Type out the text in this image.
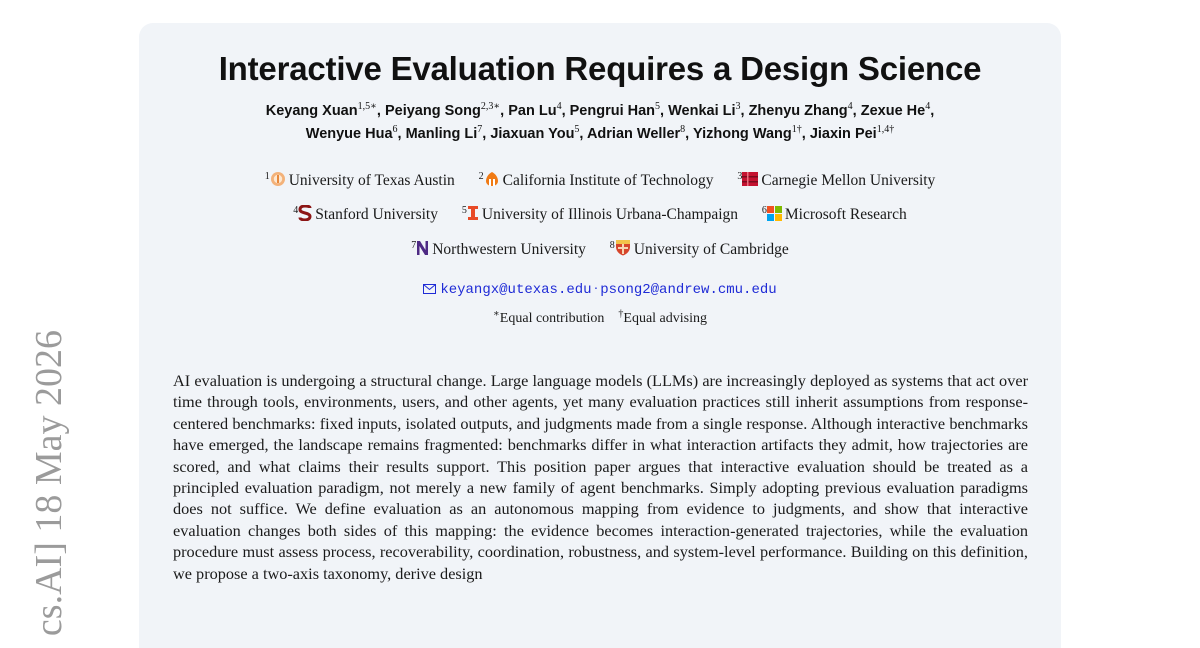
cs.AI] 18 May 2026
Interactive Evaluation Requires a Design Science
Keyang Xuan$^{1,5∗}$, Peiyang Song$^{2,3∗}$, Pan Lu$^4$, Pengrui Han$^5$, Wenkai Li$^3$, Zhenyu Zhang$^4$, Zexue He$^4$,
Wenyue Hua$^6$, Manling Li$^7$, Jiaxuan You$^5$, Adrian Weller$^8$, Yizhong Wang$^{1\dagger}$, Jiaxin Pei$^{1,4\dagger}$
$^1$ University of Texas Austin $^2$ California Institute of Technology $^3$ Carnegie Mellon University
$^4$ Stanford University $^5$ University of Illinois Urbana-Champaign $^6$ Microsoft Research
$^7$ Northwestern University $^8$ University of Cambridge
keyangx@utexas.edu · psong2@andrew.cmu.edu
∗Equal contribution †Equal advising

AI evaluation is undergoing a structural change. Large language models (LLMs) are increasingly deployed as systems that act over time through tools, environments, users, and other agents, yet many evaluation practices still inherit assumptions from response-centered benchmarks: fixed inputs, isolated outputs, and judgments made from a single response. Although interactive benchmarks have emerged, the landscape remains fragmented: benchmarks differ in what interaction artifacts they admit, how trajectories are scored, and what claims their results support. This position paper argues that interactive evaluation should be treated as a principled evaluation paradigm, not merely a new family of agent benchmarks. Simply adopting previous evaluation paradigms does not suffice. We define evaluation as an autonomous mapping from evidence to judgments, and show that interactive evaluation changes both sides of this mapping: the evidence becomes interaction-generated trajectories, while the evaluation procedure must assess process, recoverability, coordination, robustness, and system-level performance. Building on this definition, we propose a two-axis taxonomy, derive design
